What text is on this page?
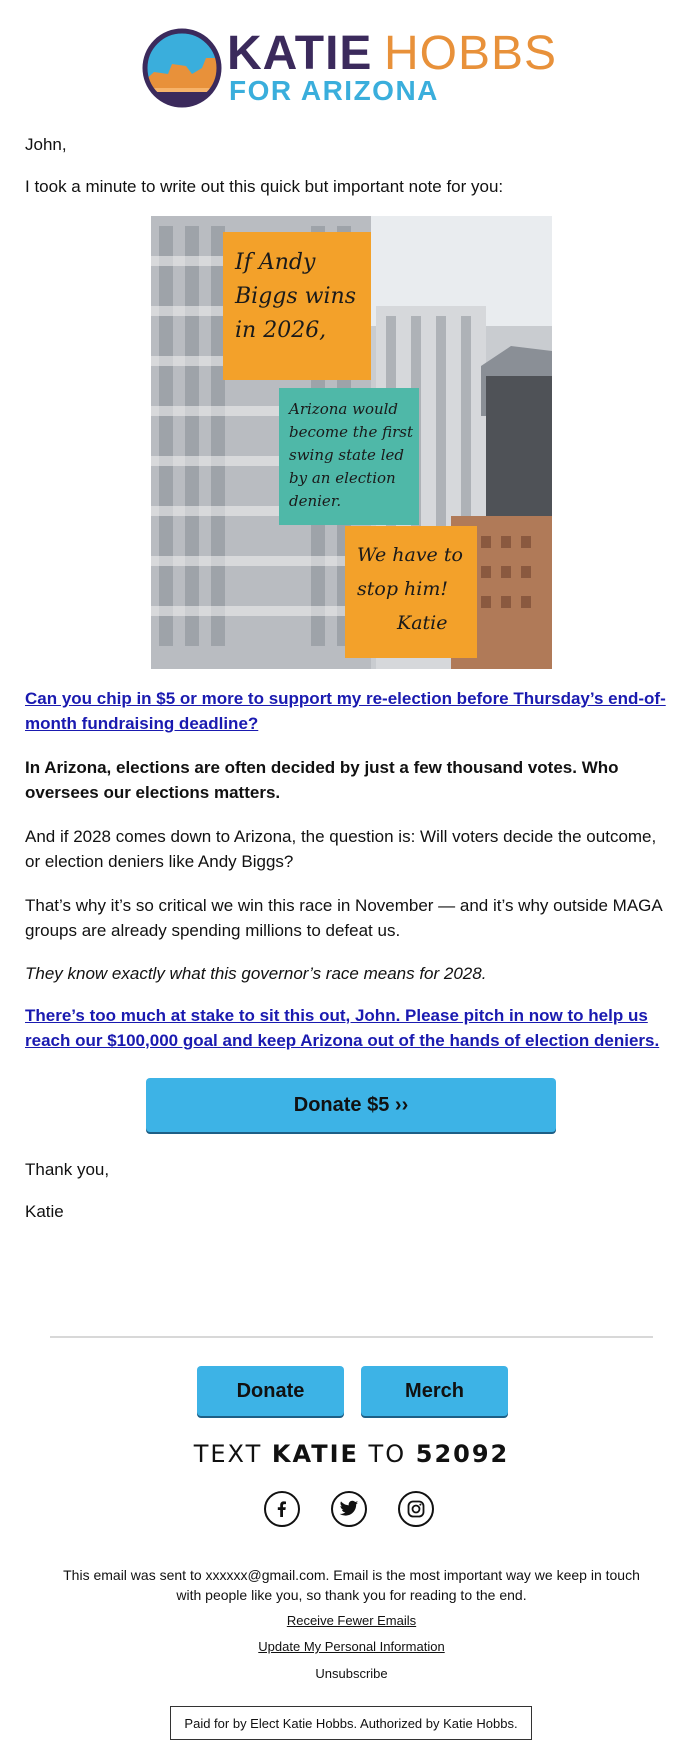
KATIE HOBBS
FOR ARIZONA

John,

I took a minute to write out this quick but important note for you:

If Andy
Biggs wins
in 2026,
Arizona would
become the first
swing state led
by an election
denier.
We have to
stop him!
Katie

Can you chip in $5 or more to support my re-election before Thursday’s end-of-month fundraising deadline?

In Arizona, elections are often decided by just a few thousand votes. Who oversees our elections matters.

And if 2028 comes down to Arizona, the question is: Will voters decide the outcome, or election deniers like Andy Biggs?

That’s why it’s so critical we win this race in November — and it’s why outside MAGA groups are already spending millions to defeat us.

They know exactly what this governor’s race means for 2028.

There’s too much at stake to sit this out, John. Please pitch in now to help us reach our $100,000 goal and keep Arizona out of the hands of election deniers.

Donate $5 ››

Thank you,

Katie

Donate	Merch
TEXT KATIE TO 52092
This email was sent to xxxxxx@gmail.com. Email is the most important way we keep in touch with people like you, so thank you for reading to the end.
Receive Fewer Emails
Update My Personal Information
Unsubscribe
Paid for by Elect Katie Hobbs. Authorized by Katie Hobbs.
